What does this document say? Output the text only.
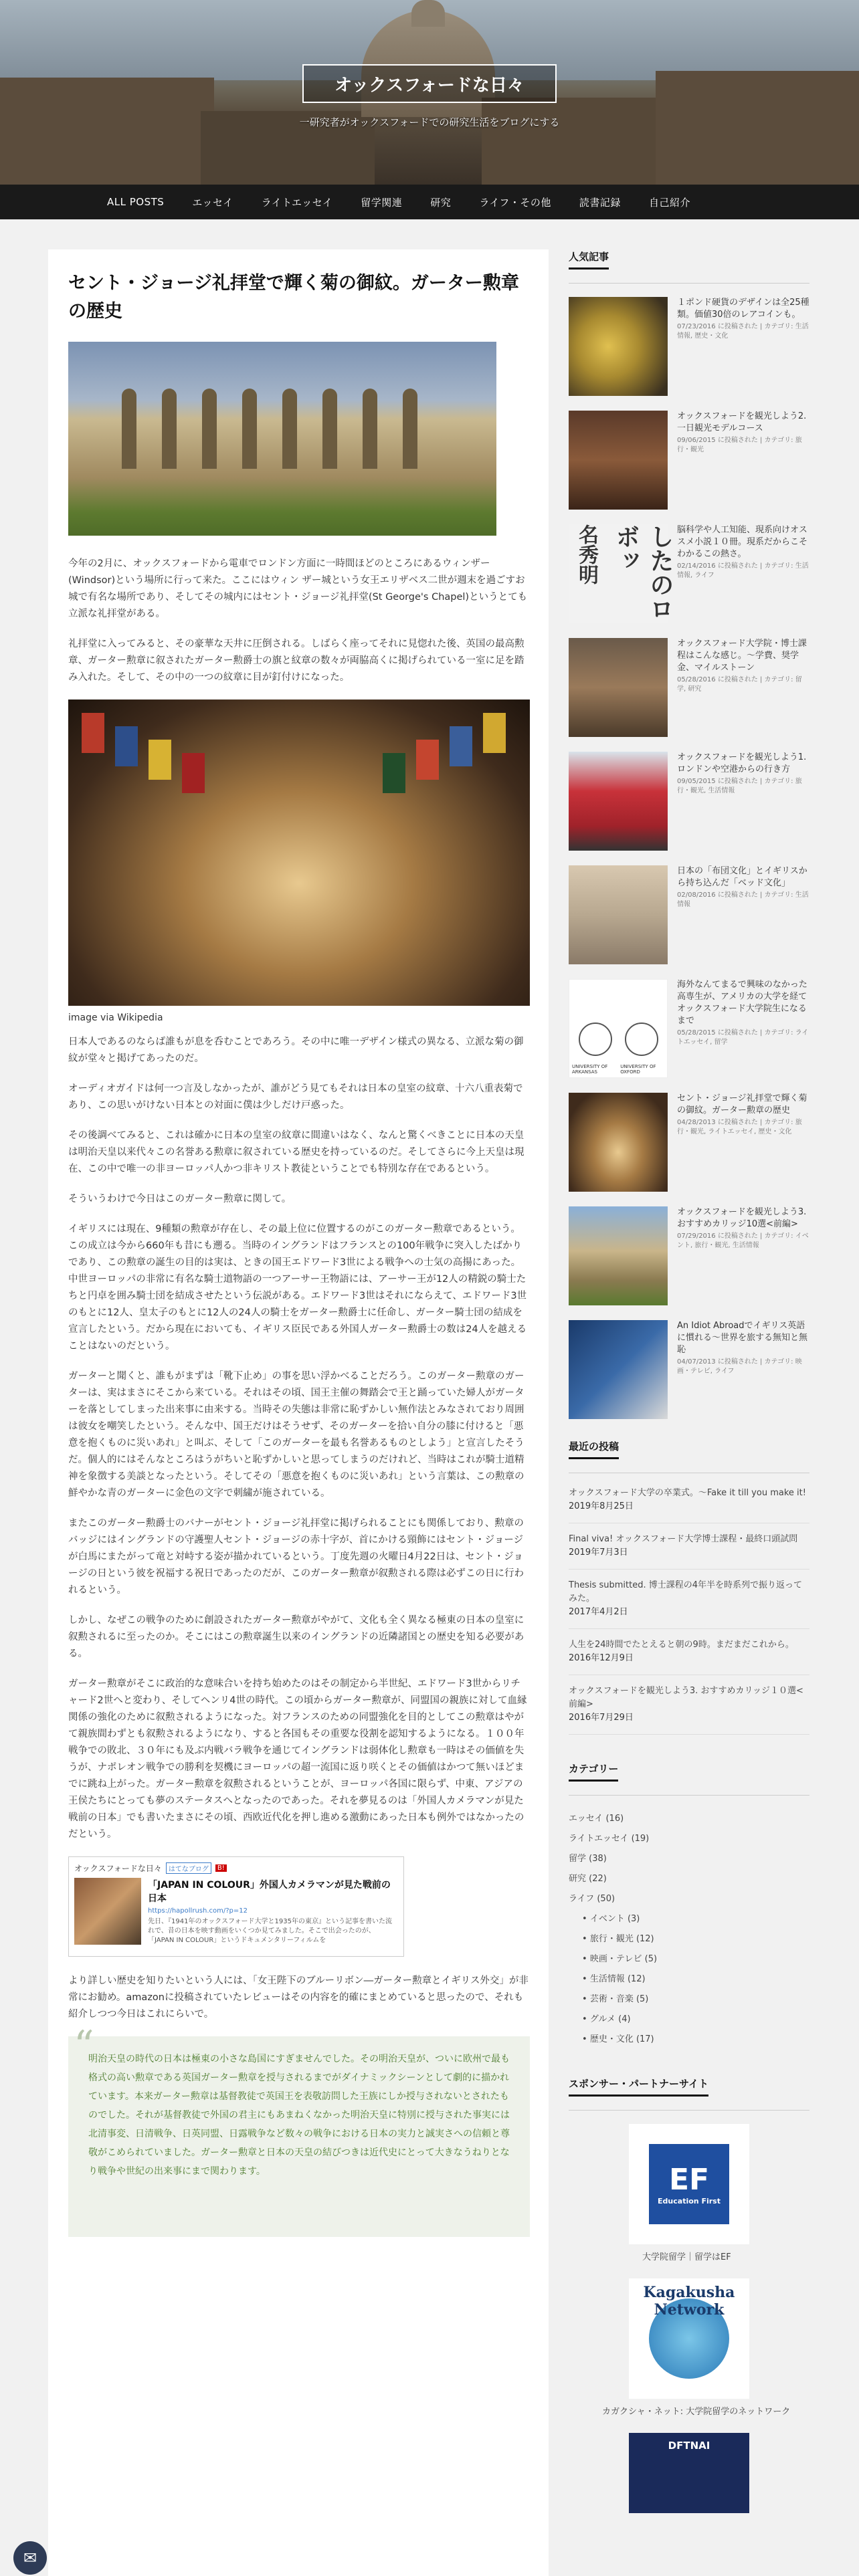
オックスフォードな日々
一研究者がオックスフォードでの研究生活をブログにする
ALL POSTS	エッセイ	ライトエッセイ	留学関連	研究	ライフ・その他	読書記録	自己紹介
セント・ジョージ礼拝堂で輝く菊の御紋。ガーター勲章の歴史

今年の2月に、オックスフォードから電車でロンドン方面に一時間ほどのところにあるウィンザー(Windsor)という場所に行って来た。ここにはウィン ザー城という女王エリザベス二世が週末を過ごすお城で有名な場所であり、そしてその城内にはセント・ジョージ礼拝堂(St George's Chapel)というとても立派な礼拝堂がある。

礼拝堂に入ってみると、その豪華な天井に圧倒される。しばらく座ってそれに見惚れた後、英国の最高勲章、ガーター勲章に叙されたガーター勲爵士の旗と紋章の数々が両脇高くに掲げられている一室に足を踏み入れた。そして、その中の一つの紋章に目が釘付けになった。

image via Wikipedia

日本人であるのならば誰もが息を呑むことであろう。その中に唯一デザイン様式の異なる、立派な菊の御紋が堂々と掲げてあったのだ。

オーディオガイドは何一つ言及しなかったが、誰がどう見てもそれは日本の皇室の紋章、十六八重表菊であり、この思いがけない日本との対面に僕は少しだけ戸惑った。

その後調べてみると、これは確かに日本の皇室の紋章に間違いはなく、なんと驚くべきことに日本の天皇は明治天皇以来代々この名誉ある勲章に叙されている歴史を持っているのだ。そしてさらに今上天皇は現在、この中で唯一の非ヨーロッパ人かつ非キリスト教徒ということでも特別な存在であるという。

そういうわけで今日はこのガーター勲章に関して。

イギリスには現在、9種類の勲章が存在し、その最上位に位置するのがこのガーター勲章であるという。この成立は今から660年も昔にも遡る。当時のイングランドはフランスとの100年戦争に突入したばかりであり、この勲章の誕生の目的は実は、ときの国王エドワード3世による戦争への士気の高揚にあった。中世ヨーロッパの非常に有名な騎士道物語の一つアーサー王物語には、アーサー王が12人の精鋭の騎士たちと円卓を囲み騎士団を結成させたという伝説がある。エドワード3世はそれにならえて、エドワード3世のもとに12人、皇太子のもとに12人の24人の騎士をガーター勲爵士に任命し、ガーター騎士団の結成を宣言したという。だから現在においても、イギリス臣民である外国人ガーター勲爵士の数は24人を越えることはないのだという。

ガーターと聞くと、誰もがまずは「靴下止め」の事を思い浮かべることだろう。このガーター勲章のガーターは、実はまさにそこから来ている。それはその頃、国王主催の舞踏会で王と踊っていた婦人がガーターを落としてしまった出来事に由来する。当時その失態は非常に恥ずかしい無作法とみなされており周囲は彼女を嘲笑したという。そんな中、国王だけはそうせず、そのガーターを拾い自分の膝に付けると「悪意を抱くものに災いあれ」と叫ぶ、そして「このガーターを最も名誉あるものとしよう」と宣言したそうだ。個人的にはそんなところはうがちいと恥ずかしいと思ってしまうのだけれど、当時はこれが騎士道精神を象徴する美談となったという。そしてその「悪意を抱くものに災いあれ」という言葉は、この勲章の鮮やかな青のガーターに金色の文字で刺繍が施されている。

またこのガーター勲爵士のバナーがセント・ジョージ礼拝堂に掲げられることにも関係しており、勲章のバッジにはイングランドの守護聖人セント・ジョージの赤十字が、首にかける頸飾にはセント・ジョージが白馬にまたがって竜と対峙する姿が描かれているという。丁度先週の火曜日4月22日は、セント・ジョージの日という彼を祝福する祝日であったのだが、このガーター勲章が叙勲される際は必ずこの日に行われるという。

しかし、なぜこの戦争のために創設されたガーター勲章がやがて、文化も全く異なる極東の日本の皇室に叙勲されるに至ったのか。そこにはこの勲章誕生以来のイングランドの近隣諸国との歴史を知る必要がある。

ガーター勲章がそこに政治的な意味合いを持ち始めたのはその制定から半世紀、エドワード3世からリチャード2世へと変わり、そしてヘンリ4世の時代。この頃からガーター勲章が、同盟国の親族に対して血縁関係の強化のために叙勲されるようになった。対フランスのための同盟強化を目的としてこの勲章はやがて親族間わずとも叙勲されるようになり、すると各国もその重要な役割を認知するようになる。１００年戦争での敗北、３０年にも及ぶ内戦バラ戦争を通じてイングランドは弱体化し勲章も一時はその価値を失うが、ナポレオン戦争での勝利を契機にヨーロッパの超一流国に返り咲くとその価値はかつて無いほどまでに跳ね上がった。ガーター勲章を叙勲されるということが、ヨーロッパ各国に限らず、中東、アジアの王侯たちにとっても夢のステータスへとなったのであった。それを夢見るのは「外国人カメラマンが見た戦前の日本」でも書いたまさにその頃、西欧近代化を押し進める激動にあった日本も例外ではなかったのだという。

オックスフォードな日々	はてなブログ	B!
「JAPAN IN COLOUR」外国人カメラマンが見た戦前の日本
https://hapollrush.com/?p=12
先日、『1941年のオックスフォード大学と1935年の東京』という記事を書いた流れで、昔の日本を映す動画をいくつか見てみました。そこで出会ったのが、「JAPAN IN COLOUR」というドキュメンタリーフィルムを

より詳しい歴史を知りたいという人には、「女王陛下のブルーリボン―ガーター勲章とイギリス外交」が非常にお勧め。amazonに投稿されていたレビューはその内容を的確にまとめていると思ったので、それも紹介しつつ今日はこれにらいで。

“
明治天皇の時代の日本は極東の小さな島国にすぎませんでした。その明治天皇が、ついに欧州で最も格式の高い勲章である英国ガーター勲章を授与されるまでがダイナミックシーンとして劇的に描かれています。本来ガーター勲章は基督教徒で英国王を表敬訪問した王族にしか授与されないとされたものでした。それが基督教徒で外国の君主にもあまねくなかった明治天皇に特別に授与された事実には北清事変、日清戦争、日英同盟、日露戦争など数々の戦争における日本の実力と誠実さへの信頼と尊敬がこめられていました。ガーター勲章と日本の天皇の結びつきは近代史にとって大きなうねりとなり戦争や世紀の出来事にまで関わります。
人気記事
１ポンド硬貨のデザインは全25種類。価値30倍のレアコインも。
07/23/2016 に投稿された | カテゴリ: 生活情報, 歴史・文化
オックスフォードを観光しよう2. 一日観光モデルコース
09/06/2015 に投稿された | カテゴリ: 旅行・観光
したのロボッ
名秀明	脳科学や人工知能、現系向けオススメ小説１０冊。現系だからこそわかるこの熱さ。
02/14/2016 に投稿された | カテゴリ: 生活情報, ライフ
オックスフォード大学院・博士課程はこんな感じ。〜学費、奨学金、マイルストーン
05/28/2016 に投稿された | カテゴリ: 留学, 研究
オックスフォードを観光しよう1. ロンドンや空港からの行き方
09/05/2015 に投稿された | カテゴリ: 旅行・観光, 生活情報
日本の「布団文化」とイギリスから持ち込んだ「ベッド文化」
02/08/2016 に投稿された | カテゴリ: 生活情報
UNIVERSITY OF ARKANSAS
UNIVERSITY OF OXFORD
海外なんてまるで興味のなかった高専生が、アメリカの大学を経てオックスフォード大学院生になるまで
05/28/2015 に投稿された | カテゴリ: ライトエッセイ, 留学
セント・ジョージ礼拝堂で輝く菊の御紋。ガーター勲章の歴史
04/28/2013 に投稿された | カテゴリ: 旅行・観光, ライトエッセイ, 歴史・文化
オックスフォードを観光しよう3. おすすめカリッジ10選<前編>
07/29/2016 に投稿された | カテゴリ: イベント, 旅行・観光, 生活情報
An Idiot Abroadでイギリス英語に慣れる〜世界を旅する無知と無恥
04/07/2013 に投稿された | カテゴリ: 映画・テレビ, ライフ
最近の投稿
オックスフォード大学の卒業式。〜Fake it till you make it!
2019年8月25日
Final viva! オックスフォード大学博士課程・最終口頭試問
2019年7月3日
Thesis submitted. 博士課程の4年半を時系列で振り返ってみた。
2017年4月2日
人生を24時間でたとえると朝の9時。まだまだこれから。
2016年12月9日
オックスフォードを観光しよう3. おすすめカリッジ１０選<前編>
2016年7月29日
カテゴリー
エッセイ (16)
ライトエッセイ (19)
留学 (38)
研究 (22)
ライフ (50)
• イベント (3)
• 旅行・観光 (12)
• 映画・テレビ (5)
• 生活情報 (12)
• 芸術・音楽 (5)
• グルメ (4)
• 歴史・文化 (17)
スポンサー・パートナーサイト
EF
Education First
大学院留学｜留学はEF
Kagakusha Network
カガクシャ・ネット: 大学院留学のネットワーク
DFTNAI
✉
